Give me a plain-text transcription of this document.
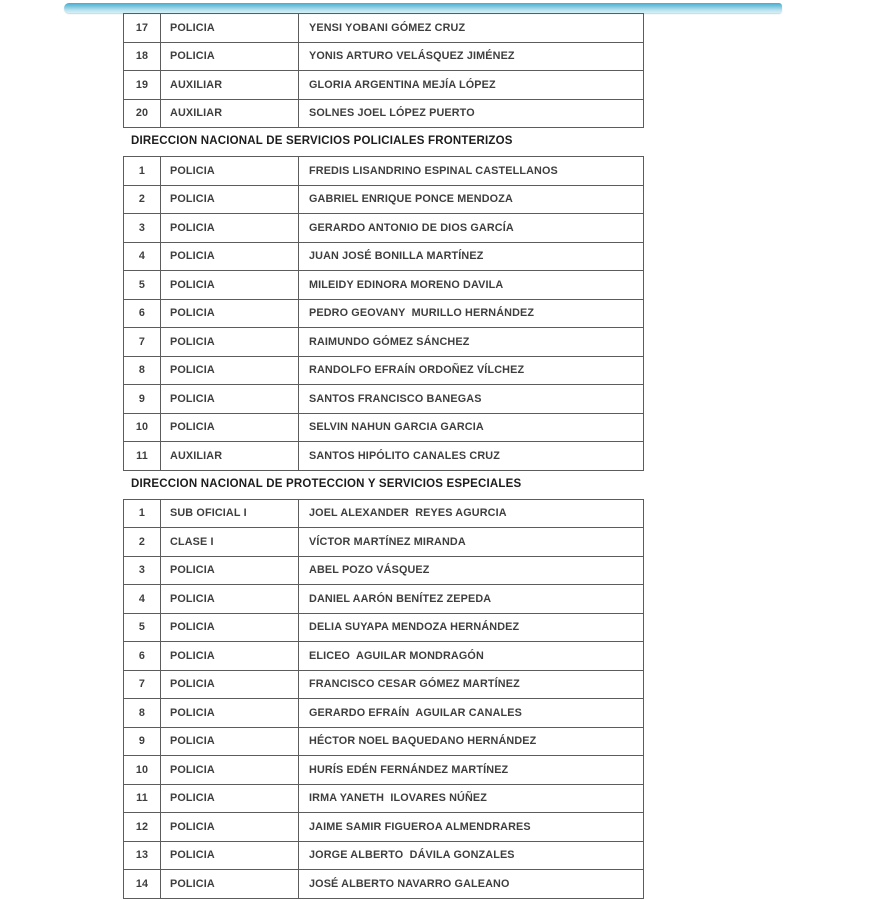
17	POLICIA	YENSI YOBANI GÓMEZ CRUZ
18	POLICIA	YONIS ARTURO VELÁSQUEZ JIMÉNEZ
19	AUXILIAR	GLORIA ARGENTINA MEJÍA LÓPEZ
20	AUXILIAR	SOLNES JOEL LÓPEZ PUERTO
DIRECCION NACIONAL DE SERVICIOS POLICIALES FRONTERIZOS
1	POLICIA	FREDIS LISANDRINO ESPINAL CASTELLANOS
2	POLICIA	GABRIEL ENRIQUE PONCE MENDOZA
3	POLICIA	GERARDO ANTONIO DE DIOS GARCÍA
4	POLICIA	JUAN JOSÉ BONILLA MARTÍNEZ
5	POLICIA	MILEIDY EDINORA MORENO DAVILA
6	POLICIA	PEDRO GEOVANY  MURILLO HERNÁNDEZ
7	POLICIA	RAIMUNDO GÓMEZ SÁNCHEZ
8	POLICIA	RANDOLFO EFRAÍN ORDOÑEZ VÍLCHEZ
9	POLICIA	SANTOS FRANCISCO BANEGAS
10	POLICIA	SELVIN NAHUN GARCIA GARCIA
11	AUXILIAR	SANTOS HIPÓLITO CANALES CRUZ
DIRECCION NACIONAL DE PROTECCION Y SERVICIOS ESPECIALES
1	SUB OFICIAL I	JOEL ALEXANDER  REYES AGURCIA
2	CLASE I	VÍCTOR MARTÍNEZ MIRANDA
3	POLICIA	ABEL POZO VÁSQUEZ
4	POLICIA	DANIEL AARÓN BENÍTEZ ZEPEDA
5	POLICIA	DELIA SUYAPA MENDOZA HERNÁNDEZ
6	POLICIA	ELICEO  AGUILAR MONDRAGÓN
7	POLICIA	FRANCISCO CESAR GÓMEZ MARTÍNEZ
8	POLICIA	GERARDO EFRAÍN  AGUILAR CANALES
9	POLICIA	HÉCTOR NOEL BAQUEDANO HERNÁNDEZ
10	POLICIA	HURÍS EDÉN FERNÁNDEZ MARTÍNEZ
11	POLICIA	IRMA YANETH  ILOVARES NÚÑEZ
12	POLICIA	JAIME SAMIR FIGUEROA ALMENDRARES
13	POLICIA	JORGE ALBERTO  DÁVILA GONZALES
14	POLICIA	JOSÉ ALBERTO NAVARRO GALEANO
